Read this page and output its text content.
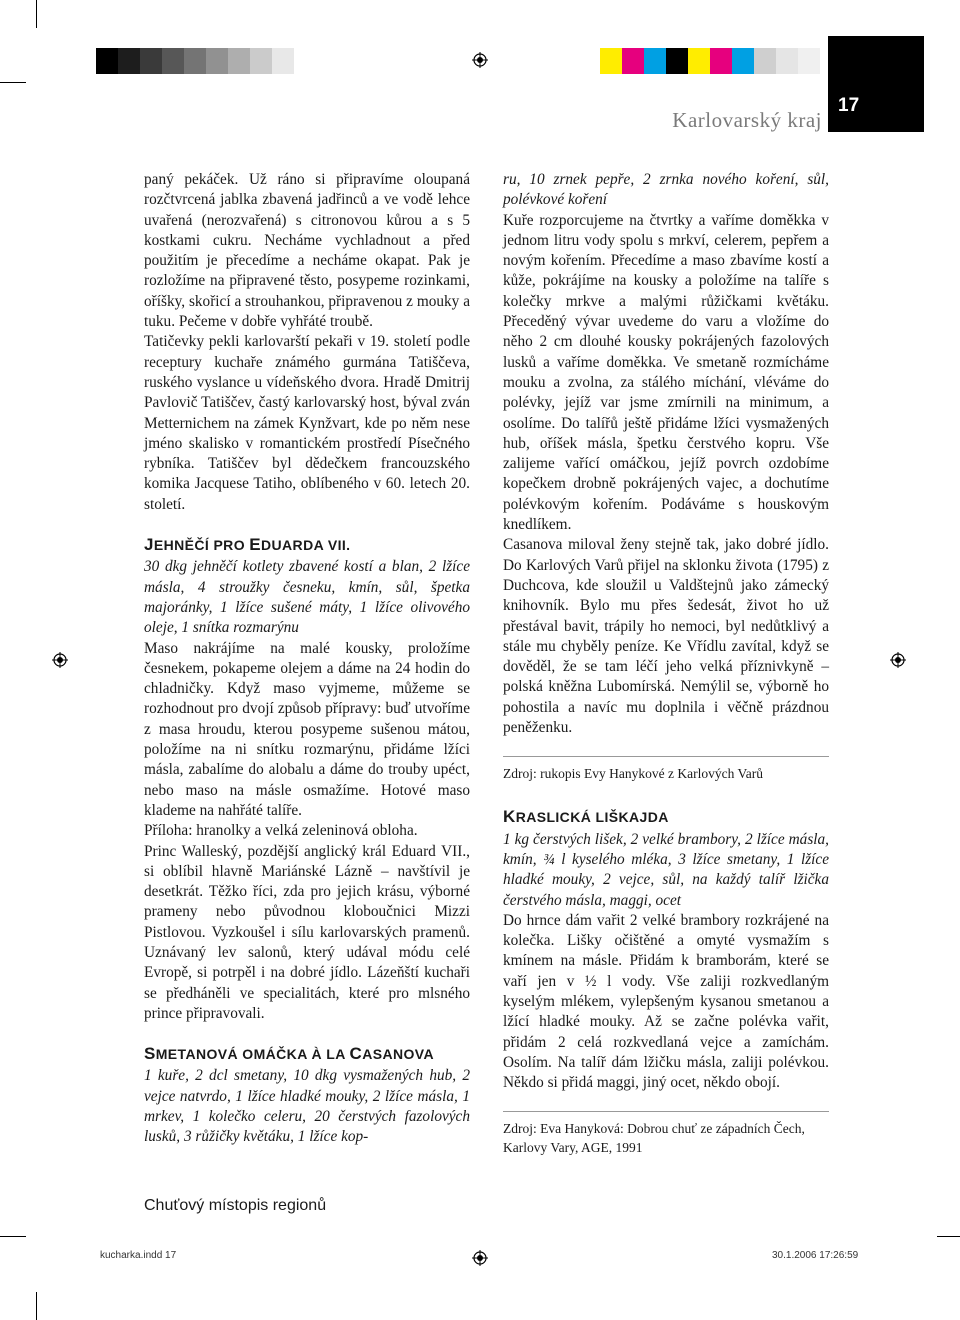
17
Karlovarský kraj

paný pekáček. Už ráno si připravíme oloupaná rozčtvrcená jablka zbavená jadřinců a ve vodě lehce uvařená (nerozvařená) s citronovou kůrou a s 5 kostkami cukru. Necháme vychladnout a před použitím je přecedíme a necháme okapat. Pak je rozložíme na připravené těsto, posypeme rozinkami, oříšky, skořicí a strouhankou, připravenou z mouky a tuku. Pečeme v dobře vyhřáté troubě.

Tatičevky pekli karlovarští pekaři v 19. století podle receptury kuchaře známého gurmána Tatiščeva, ruského vyslance u vídeňského dvora. Hradě Dmitrij Pavlovič Tatiščev, častý karlovarský host, býval zván Metternichem na zámek Kynžvart, kde po něm nese jméno skalisko v romantickém prostředí Písečného rybníka. Tatiščev byl dědečkem francouzského komika Jacquese Tatiho, oblíbeného v 60. letech 20. století.

JEHNĚČÍ PRO EDUARDA VII.

30 dkg jehněčí kotlety zbavené kostí a blan, 2 lžíce másla, 4 stroužky česneku, kmín, sůl, špetka majoránky, 1 lžíce sušené máty, 1 lžíce olivového oleje, 1 snítka rozmarýnu

Maso nakrájíme na malé kousky, proložíme česnekem, pokapeme olejem a dáme na 24 hodin do chladničky. Když maso vyjmeme, můžeme se rozhodnout pro dvojí způsob přípravy: buď utvoříme z masa hroudu, kterou posypeme sušenou mátou, položíme na ni snítku rozmarýnu, přidáme lžíci másla, zabalíme do alobalu a dáme do trouby upéct, nebo maso na másle osmažíme. Hotové maso klademe na nahřáté talíře.

Příloha: hranolky a velká zeleninová obloha.

Princ Walleský, pozdější anglický král Eduard VII., si oblíbil hlavně Mariánské Lázně – navštívil je desetkrát. Těžko říci, zda pro jejich krásu, výborné prameny nebo původnou kloboučnici Mizzi Pistlovou. Vyzkoušel i sílu karlovarských pramenů. Uznávaný lev salonů, který udával módu celé Evropě, si potrpěl i na dobré jídlo. Lázeňští kuchaři se předháněli ve specialitách, které pro mlsného prince připravovali.

SMETANOVÁ OMÁČKA À LA CASANOVA

1 kuře, 2 dcl smetany, 10 dkg vysmažených hub, 2 vejce natvrdo, 1 lžíce hladké mouky, 2 lžíce másla, 1 mrkev, 1 kolečko celeru, 20 čerstvých fazolových lusků, 3 růžičky květáku, 1 lžíce kop-

ru, 10 zrnek pepře, 2 zrnka nového koření, sůl, polévkové koření

Kuře rozporcujeme na čtvrtky a vaříme doměkka v jednom litru vody spolu s mrkví, celerem, pepřem a novým kořením. Přecedíme a maso zbavíme kostí a kůže, pokrájíme na kousky a položíme na talíře s kolečky mrkve a malými růžičkami květáku. Přeceděný vývar uvedeme do varu a vložíme do něho 2 cm dlouhé kousky pokrájených fazolových lusků a vaříme doměkka. Ve smetaně rozmícháme mouku a zvolna, za stálého míchání, vléváme do polévky, jejíž var jsme zmírnili na minimum, a osolíme. Do talířů ještě přidáme lžíci vysmažených hub, oříšek másla, špetku čerstvého kopru. Vše zalijeme vařící omáčkou, jejíž povrch ozdobíme kopečkem drobně pokrájených vajec, a dochutíme polévkovým kořením. Podáváme s houskovým knedlíkem.

Casanova miloval ženy stejně tak, jako dobré jídlo. Do Karlových Varů přijel na sklonku života (1795) z Duchcova, kde sloužil u Valdštejnů jako zámecký knihovník. Bylo mu přes šedesát, život ho už přestával bavit, trápily ho nemoci, byl nedůtklivý a stále mu chyběly peníze. Ke Vřídlu zavítal, když se dověděl, že se tam léčí jeho velká příznivkyně – polská kněžna Lubomírská. Nemýlil se, výborně ho pohostila a navíc mu doplnila i věčně prázdnou peněženku.

Zdroj: rukopis Evy Hanykové z Karlových Varů

KRASLICKÁ LIŠKAJDA

1 kg čerstvých lišek, 2 velké brambory, 2 lžíce másla, kmín, ¾ l kyselého mléka, 3 lžíce smetany, 1 lžíce hladké mouky, 2 vejce, sůl, na každý talíř lžička čerstvého másla, maggi, ocet

Do hrnce dám vařit 2 velké brambory rozkrájené na kolečka. Lišky očištěné a omyté vysmažím s kmínem na másle. Přidám k bramborám, které se vaří jen v ½ l vody. Vše zaliji rozkvedlaným kyselým mlékem, vylepšeným kysanou smetanou a lžící hladké mouky. Až se začne polévka vařit, přidám 2 celá rozkvedlaná vejce a zamíchám. Osolím. Na talíř dám lžičku másla, zaliji polévkou. Někdo si přidá maggi, jiný ocet, někdo obojí.

Zdroj: Eva Hanyková: Dobrou chuť ze západních Čech, Karlovy Vary, AGE, 1991

Chuťový místopis regionů
kucharka.indd 17	30.1.2006 17:26:59
